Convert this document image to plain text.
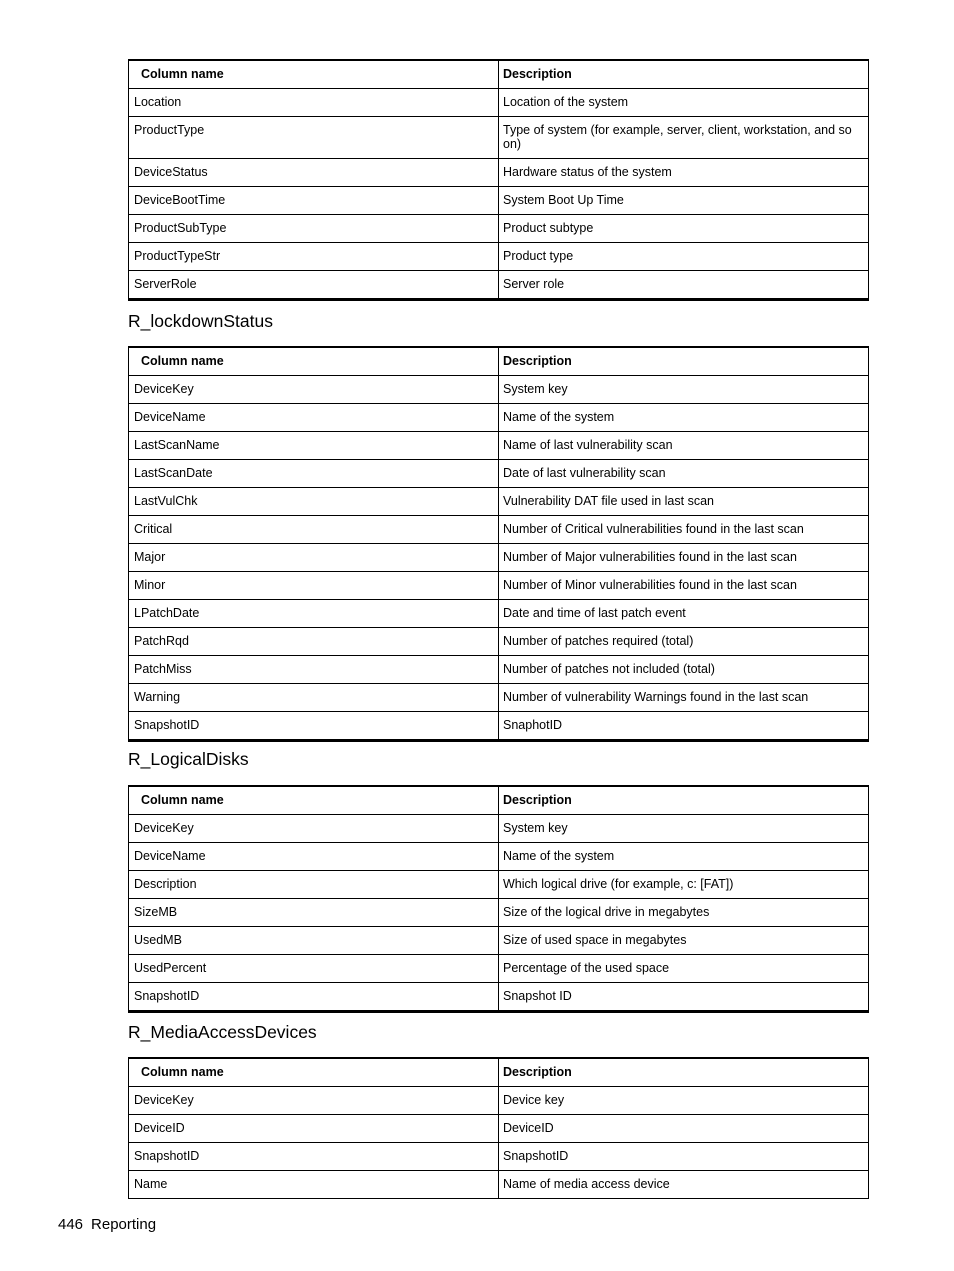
Column name	Description
Location	Location of the system
ProductType	Type of system (for example, server, client, workstation, and so on)
DeviceStatus	Hardware status of the system
DeviceBootTime	System Boot Up Time
ProductSubType	Product subtype
ProductTypeStr	Product type
ServerRole	Server role
R_lockdownStatus
Column name	Description
DeviceKey	System key
DeviceName	Name of the system
LastScanName	Name of last vulnerability scan
LastScanDate	Date of last vulnerability scan
LastVulChk	Vulnerability DAT file used in last scan
Critical	Number of Critical vulnerabilities found in the last scan
Major	Number of Major vulnerabilities found in the last scan
Minor	Number of Minor vulnerabilities found in the last scan
LPatchDate	Date and time of last patch event
PatchRqd	Number of patches required (total)
PatchMiss	Number of patches not included (total)
Warning	Number of vulnerability Warnings found in the last scan
SnapshotID	SnaphotID
R_LogicalDisks
Column name	Description
DeviceKey	System key
DeviceName	Name of the system
Description	Which logical drive (for example, c: [FAT])
SizeMB	Size of the logical drive in megabytes
UsedMB	Size of used space in megabytes
UsedPercent	Percentage of the used space
SnapshotID	Snapshot ID
R_MediaAccessDevices
Column name	Description
DeviceKey	Device key
DeviceID	DeviceID
SnapshotID	SnapshotID
Name	Name of media access device
446 Reporting
